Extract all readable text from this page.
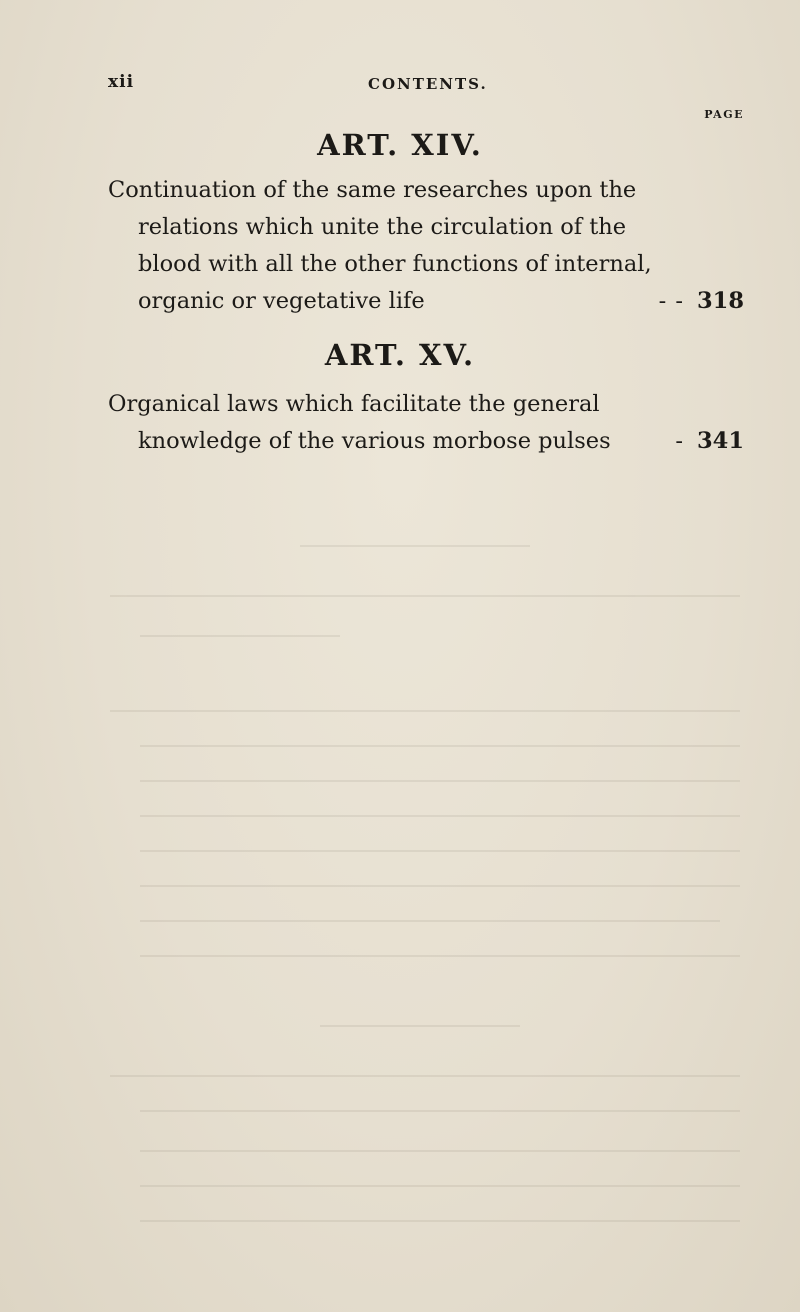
xii	CONTENTS.
PAGE
ART. XIV.
Continuation of the same researches upon the
relations which unite the circulation of the
blood with all the other functions of internal,
organic or vegetative life	- - 318
ART. XV.
Organical laws which facilitate the general
knowledge of the various morbose pulses	- 341
